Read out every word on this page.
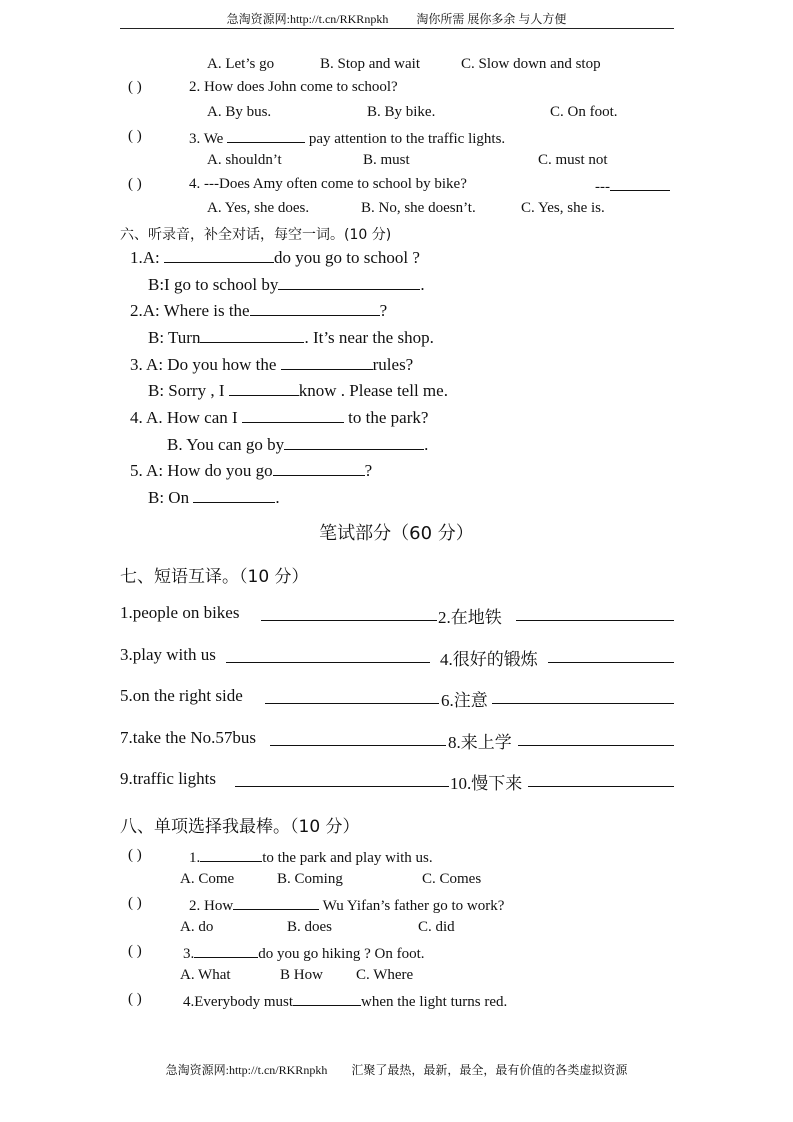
急淘资源网:http://t.cn/RKRnpkh 淘你所需 展你多余 与人方便
A. Let’s go	B. Stop and wait	C. Slow down and stop
( )	2. How does John come to school?
A. By bus.	B. By bike.	C. On foot.
( )	3. We	pay attention to the traffic lights.
A. shouldn’t	B. must	C. must not
( )	4. ---Does Amy often come to school by bike?	---
A. Yes, she does.	B. No, she doesn’t.	C. Yes, she is.
六、听录音，补全对话，每空一词。(10 分)
1.A:	do you go to school ?
B:I go to school by	.
2.A: Where is the	?
B: Turn	. It’s near the shop.
3. A: Do you how the	rules?
B: Sorry , I	know . Please tell me.
4. A. How can I	to the park?
B. You can go by	.
5. A: How do you go	?
B: On	.
笔试部分（60 分）
七、短语互译。（10 分）
1.people on bikes	2.在地铁
3.play with us	4.很好的锻炼
5.on the right side	6.注意
7.take the No.57bus	8.来上学
9.traffic lights	10.慢下来
八、单项选择我最棒。（10 分）
( )	1.	to the park and play with us.
A. Come	B. Coming	C. Comes
( )	2. How	Wu Yifan’s father go to work?
A. do	B. does	C. did
( )	3.	do you go hiking ? On foot.
A. What	B How C. Where
( )	4.Everybody must	when the light turns red.
急淘资源网:http://t.cn/RKRnpkh 汇聚了最热，最新，最全，最有价值的各类虚拟资源
